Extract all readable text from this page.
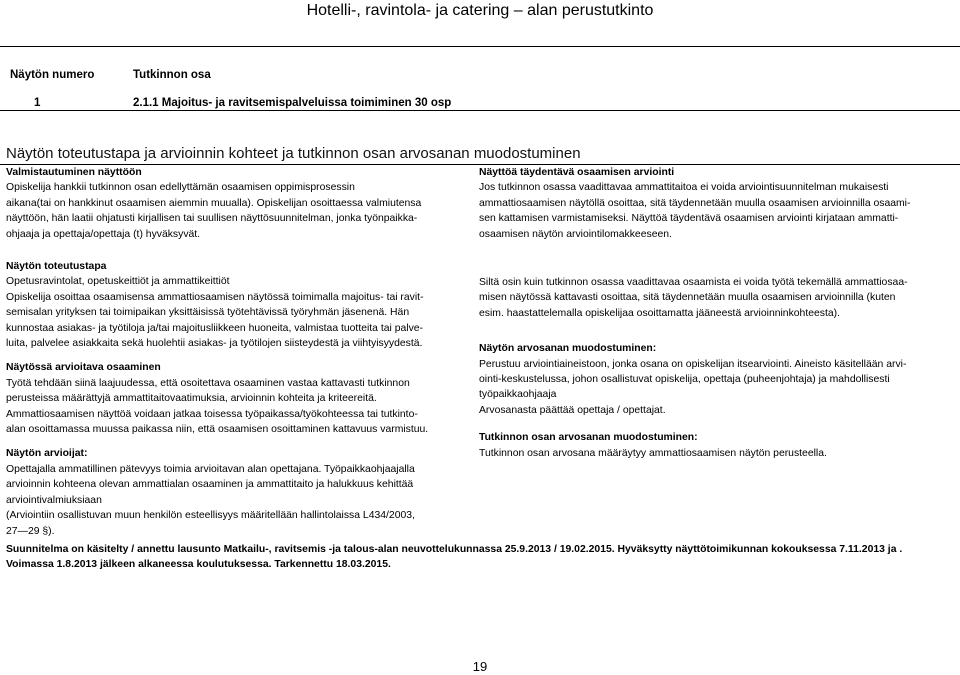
Hotelli-, ravintola- ja catering – alan perustutkinto
Näytön numero	Tutkinnon osa
1	2.1.1 Majoitus- ja ravitsemispalveluissa toimiminen 30 osp
Näytön toteutustapa ja arvioinnin kohteet ja tutkinnon osan arvosanan muodostuminen

Valmistautuminen näyttöön

Opiskelija hankkii tutkinnon osan edellyttämän osaamisen oppimisprosessin

aikana(tai on hankkinut osaamisen aiemmin muualla). Opiskelijan osoittaessa valmiutensa

näyttöön, hän laatii ohjatusti kirjallisen tai suullisen näyttösuunnitelman, jonka työnpaikka-

ohjaaja ja opettaja/opettaja (t) hyväksyvät.

Näytön toteutustapa

Opetusravintolat, opetuskeittiöt ja ammattikeittiöt

Opiskelija osoittaa osaamisensa ammattiosaamisen näytössä toimimalla majoitus- tai ravit-

semisalan yrityksen tai toimipaikan yksittäisissä työtehtävissä työryhmän jäsenenä. Hän

kunnostaa asiakas- ja työtiloja ja/tai majoitusliikkeen huoneita, valmistaa tuotteita tai palve-

luita, palvelee asiakkaita sekä huolehtii asiakas- ja työtilojen siisteydestä ja viihtyisyydestä.

Näytössä arvioitava osaaminen

Työtä tehdään siinä laajuudessa, että osoitettava osaaminen vastaa kattavasti tutkinnon

perusteissa määrättyjä ammattitaitovaatimuksia, arvioinnin kohteita ja kriteereitä.

Ammattiosaamisen näyttöä voidaan jatkaa toisessa työpaikassa/työkohteessa tai tutkinto-

alan osoittamassa muussa paikassa niin, että osaamisen osoittaminen kattavuus varmistuu.

Näytön arvioijat:

Opettajalla ammatillinen pätevyys toimia arvioitavan alan opettajana. Työpaikkaohjaajalla

arvioinnin kohteena olevan ammattialan osaaminen ja ammattitaito ja halukkuus kehittää

arviointivalmiuksiaan

(Arviointiin osallistuvan muun henkilön esteellisyys määritellään hallintolaissa L434/2003,

27—29 §).

Näyttöä täydentävä osaamisen arviointi

Jos tutkinnon osassa vaadittavaa ammattitaitoa ei voida arviointisuunnitelman mukaisesti

ammattiosaamisen näytöllä osoittaa, sitä täydennetään muulla osaamisen arvioinnilla osaami-

sen kattamisen varmistamiseksi. Näyttöä täydentävä osaamisen arviointi kirjataan ammatti-

osaamisen näytön arviointilomakkeeseen.

Siltä osin kuin tutkinnon osassa vaadittavaa osaamista ei voida työtä tekemällä ammattiosaa-

misen näytössä kattavasti osoittaa, sitä täydennetään muulla osaamisen arvioinnilla (kuten

esim. haastattelemalla opiskelijaa osoittamatta jääneestä arvioinninkohteesta).

Näytön arvosanan muodostuminen:

Perustuu arviointiaineistoon, jonka osana on opiskelijan itsearviointi. Aineisto käsitellään arvi-

ointi-keskustelussa, johon osallistuvat opiskelija, opettaja (puheenjohtaja) ja mahdollisesti

työpaikkaohjaaja

Arvosanasta päättää opettaja / opettajat.

Tutkinnon osan arvosanan muodostuminen:

Tutkinnon osan arvosana määräytyy ammattiosaamisen näytön perusteella.

Suunnitelma on käsitelty / annettu lausunto Matkailu-, ravitsemis -ja talous-alan neuvottelukunnassa 25.9.2013 / 19.02.2015. Hyväksytty näyttötoimikunnan kokouksessa 7.11.2013 ja .

Voimassa 1.8.2013 jälkeen alkaneessa koulutuksessa. Tarkennettu 18.03.2015.

19
